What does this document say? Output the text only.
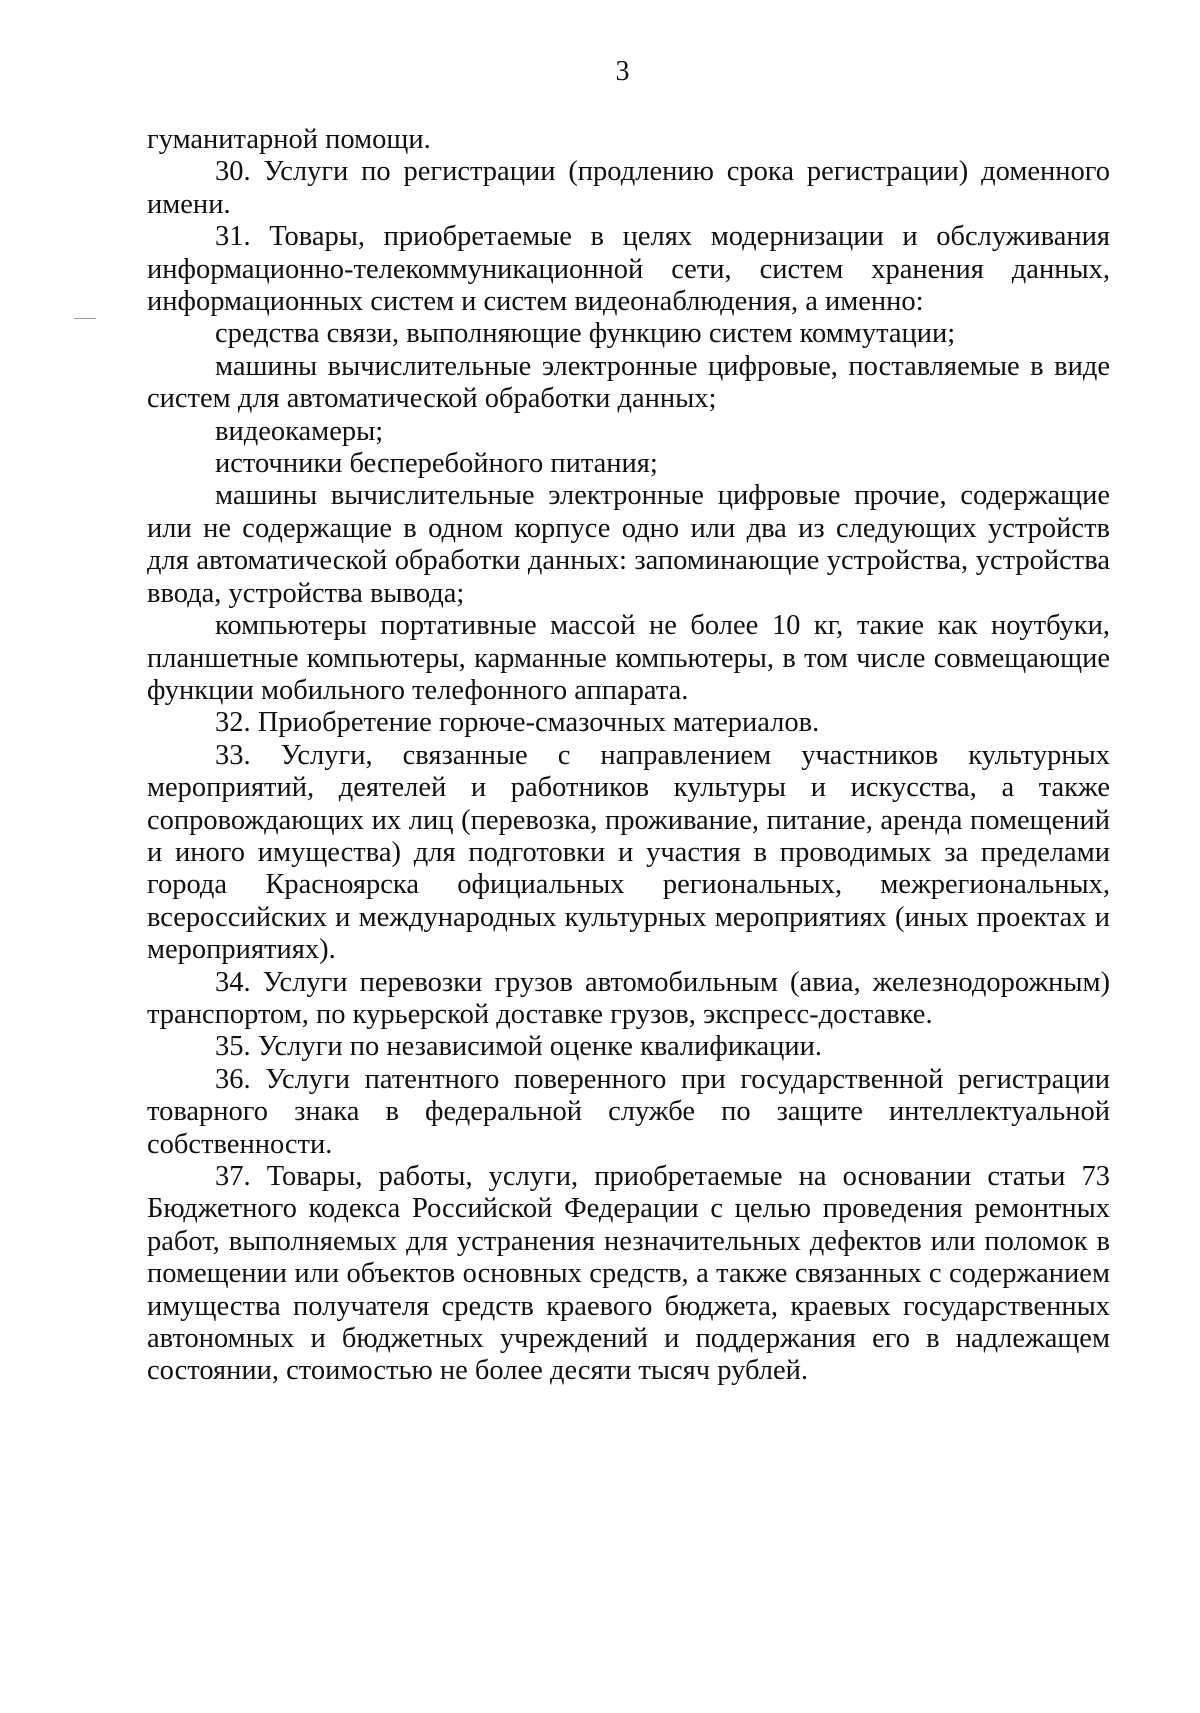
3

гуманитарной помощи.

30. Услуги по регистрации (продлению срока регистрации) доменного имени.

31. Товары, приобретаемые в целях модернизации и обслуживания информационно-телекоммуникационной сети, систем хранения данных, информационных систем и систем видеонаблюдения, а именно:

средства связи, выполняющие функцию систем коммутации;

машины вычислительные электронные цифровые, поставляемые в виде систем для автоматической обработки данных;

видеокамеры;

источники бесперебойного питания;

машины вычислительные электронные цифровые прочие, содержащие или не содержащие в одном корпусе одно или два из следующих устройств для автоматической обработки данных: запоминающие устройства, устройства ввода, устройства вывода;

компьютеры портативные массой не более 10 кг, такие как ноутбуки, планшетные компьютеры, карманные компьютеры, в том числе совмещающие функции мобильного телефонного аппарата.

32. Приобретение горюче-смазочных материалов.

33. Услуги, связанные с направлением участников культурных мероприятий, деятелей и работников культуры и искусства, а также сопровождающих их лиц (перевозка, проживание, питание, аренда помещений и иного имущества) для подготовки и участия в проводимых за пределами города Красноярска официальных региональных, межрегиональных, всероссийских и международных культурных мероприятиях (иных проектах и мероприятиях).

34. Услуги перевозки грузов автомобильным (авиа, железнодорожным) транспортом, по курьерской доставке грузов, экспресс-доставке.

35. Услуги по независимой оценке квалификации.

36. Услуги патентного поверенного при государственной регистрации товарного знака в федеральной службе по защите интеллектуальной собственности.

37. Товары, работы, услуги, приобретаемые на основании статьи 73 Бюджетного кодекса Российской Федерации с целью проведения ремонтных работ, выполняемых для устранения незначительных дефектов или поломок в помещении или объектов основных средств, а также связанных с содержанием имущества получателя средств краевого бюджета, краевых государственных автономных и бюджетных учреждений и поддержания его в надлежащем состоянии, стоимостью не более десяти тысяч рублей.
